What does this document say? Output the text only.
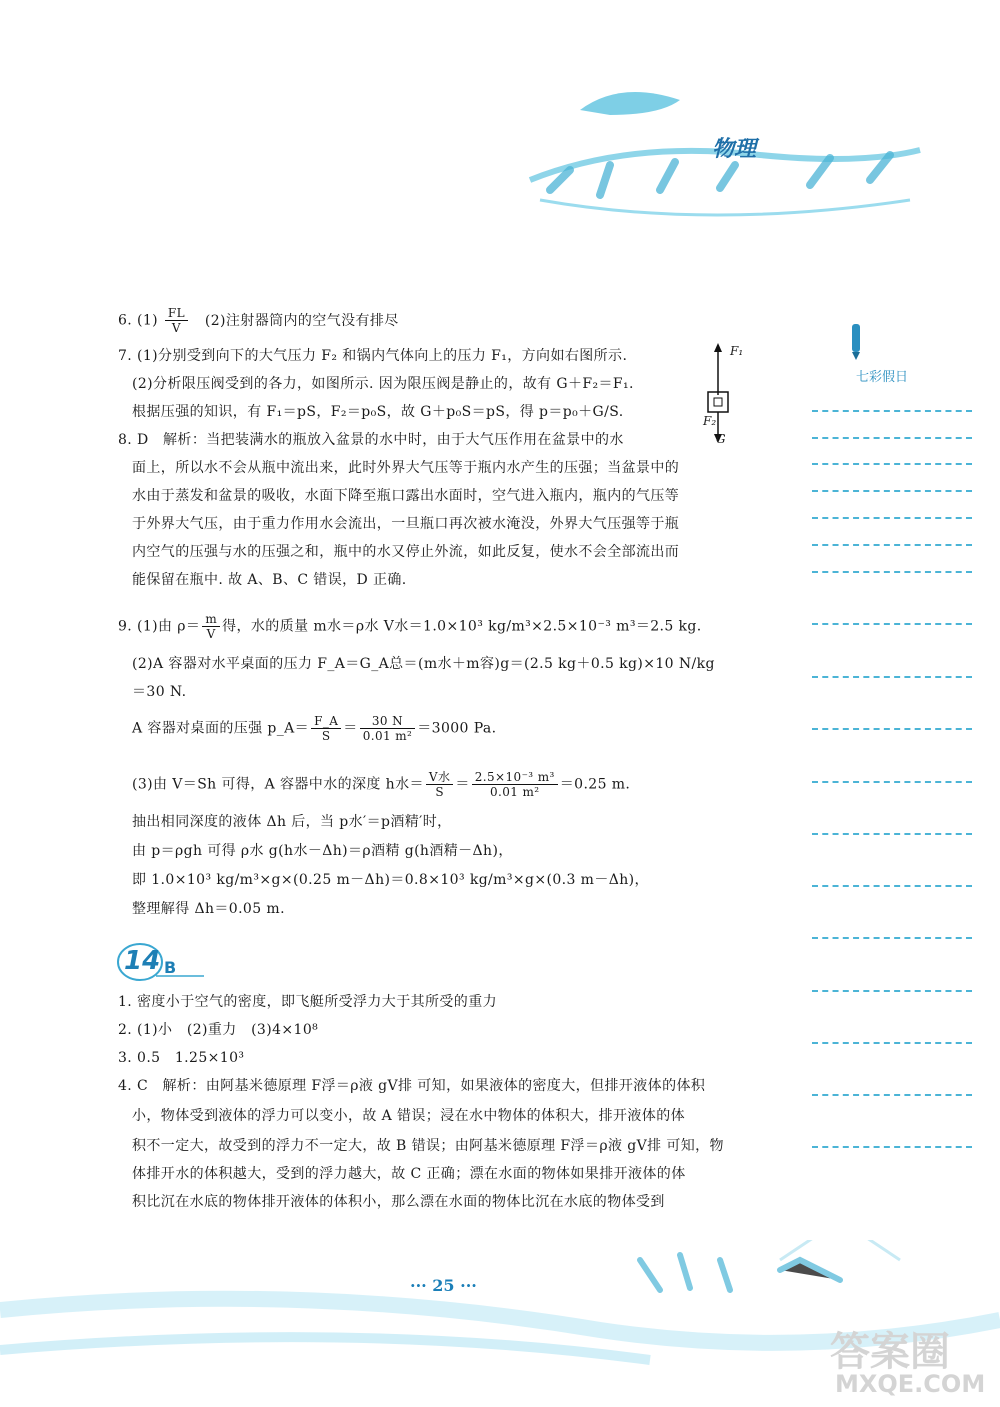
物理
七彩假日
6. $(1) \frac{FL}{V} (2)$注射器筒内的空气没有排尽
7. (1)分别受到向下的大气压力 F₂ 和锅内气体向上的压力 F₁，方向如右图所示.
(2)分析限压阀受到的各力，如图所示. 因为限压阀是静止的，故有 G＋F₂＝F₁.
根据压强的知识，有 F₁＝pS，F₂＝p₀S，故 G＋p₀S＝pS，得 p＝p₀＋G/S.
F₁
F₂
G
8. D　解析：当把装满水的瓶放入盆景的水中时，由于大气压作用在盆景中的水
面上，所以水不会从瓶中流出来，此时外界大气压等于瓶内水产生的压强；当盆景中的
水由于蒸发和盆景的吸收，水面下降至瓶口露出水面时，空气进入瓶内，瓶内的气压等
于外界大气压，由于重力作用水会流出，一旦瓶口再次被水淹没，外界大气压强等于瓶
内空气的压强与水的压强之和，瓶中的水又停止外流，如此反复，使水不会全部流出而
能保留在瓶中. 故 A、B、C 错误，D 正确.
9. (1)由 $\rho= \frac{m}{V}$ 得，水的质量 m水＝ρ水 V水＝1.0×10³ kg/m³×2.5×10⁻³ m³＝2.5 kg.
(2)A 容器对水平桌面的压力 F_A＝G_A总＝(m水＋m容)g＝(2.5 kg＋0.5 kg)×10 N/kg
＝30 N.
A 容器对桌面的压强 p_A＝ $\frac{F\_A}{S} = \frac{30 N}{\text{0.01 m²}} =3000$ Pa.
(3)由 V＝Sh 可得，A 容器中水的深度 h水＝ $\frac{\text{V水}}{S} = \frac{\text{2.5×10⁻³ m³}}{\text{0.01 m²}} =0.25$ m.
抽出相同深度的液体 Δh 后，当 p水′＝p酒精′时，
由 p＝ρgh 可得 ρ水 g(h水－Δh)＝ρ酒精 g(h酒精－Δh)，
即 1.0×10³ kg/m³×g×(0.25 m－Δh)＝0.8×10³ kg/m³×g×(0.3 m－Δh)，
整理解得 Δh＝0.05 m.
14 B
1. 密度小于空气的密度，即飞艇所受浮力大于其所受的重力
2. (1)小　(2)重力　(3)4×10⁸
3. 0.5　1.25×10³
4. C　解析：由阿基米德原理 F浮＝ρ液 gV排 可知，如果液体的密度大，但排开液体的体积
小，物体受到液体的浮力可以变小，故 A 错误；浸在水中物体的体积大，排开液体的体
积不一定大，故受到的浮力不一定大，故 B 错误；由阿基米德原理 F浮＝ρ液 gV排 可知，物
体排开水的体积越大，受到的浮力越大，故 C 正确；漂在水面的物体如果排开液体的体
积比沉在水底的物体排开液体的体积小，那么漂在水面的物体比沉在水底的物体受到
··· 25 ···
答案圈
MXQE.COM
